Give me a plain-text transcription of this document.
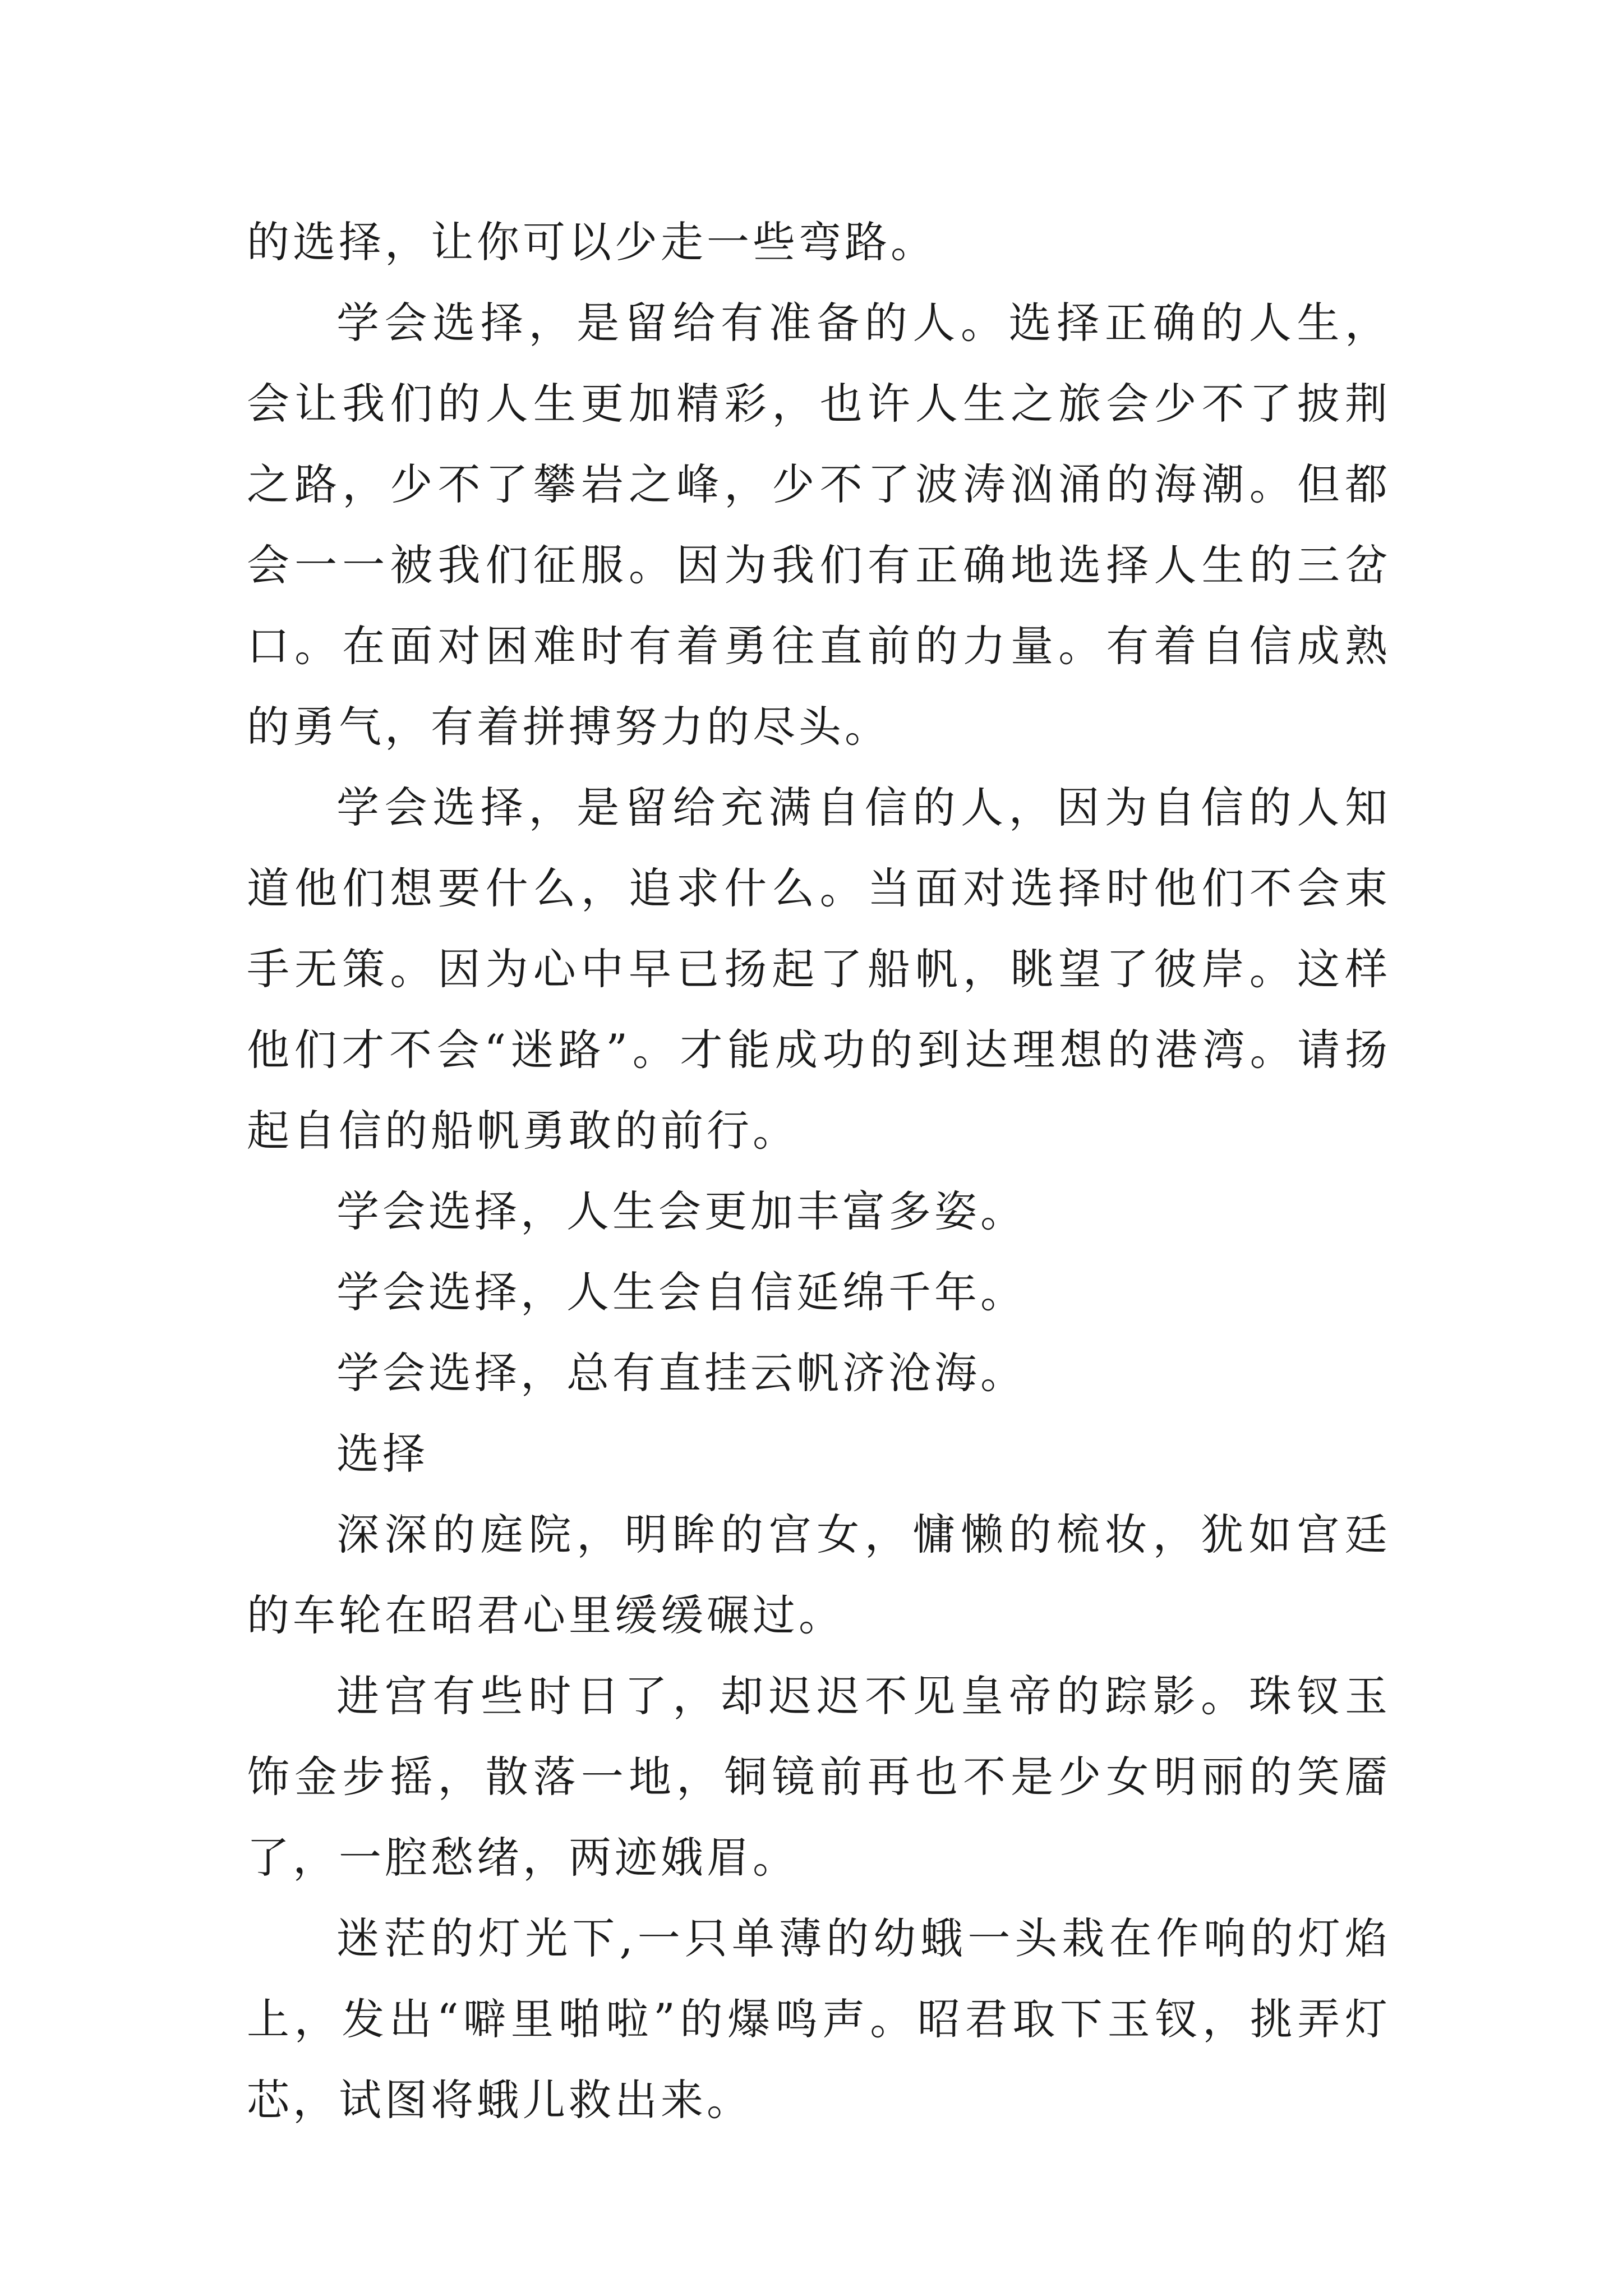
的选择，让你可以少走一些弯路。

学会选择，是留给有准备的人。选择正确的人生，会让我们的人生更加精彩，也许人生之旅会少不了披荆之路，少不了攀岩之峰，少不了波涛汹涌的海潮。但都会一一被我们征服。因为我们有正确地选择人生的三岔口。在面对困难时有着勇往直前的力量。有着自信成熟的勇气，有着拼搏努力的尽头。

学会选择，是留给充满自信的人，因为自信的人知道他们想要什么，追求什么。当面对选择时他们不会束手无策。因为心中早已扬起了船帆，眺望了彼岸。这样他们才不会“迷路”。才能成功的到达理想的港湾。请扬起自信的船帆勇敢的前行。

学会选择，人生会更加丰富多姿。

学会选择，人生会自信延绵千年。

学会选择，总有直挂云帆济沧海。

选择

深深的庭院，明眸的宫女，慵懒的梳妆，犹如宫廷的车轮在昭君心里缓缓碾过。

进宫有些时日了，却迟迟不见皇帝的踪影。珠钗玉饰金步摇，散落一地，铜镜前再也不是少女明丽的笑靥了，一腔愁绪，两迹娥眉。

迷茫的灯光下,一只单薄的幼蛾一头栽在作响的灯焰上，发出“噼里啪啦”的爆鸣声。昭君取下玉钗，挑弄灯芯，试图将蛾儿救出来。
